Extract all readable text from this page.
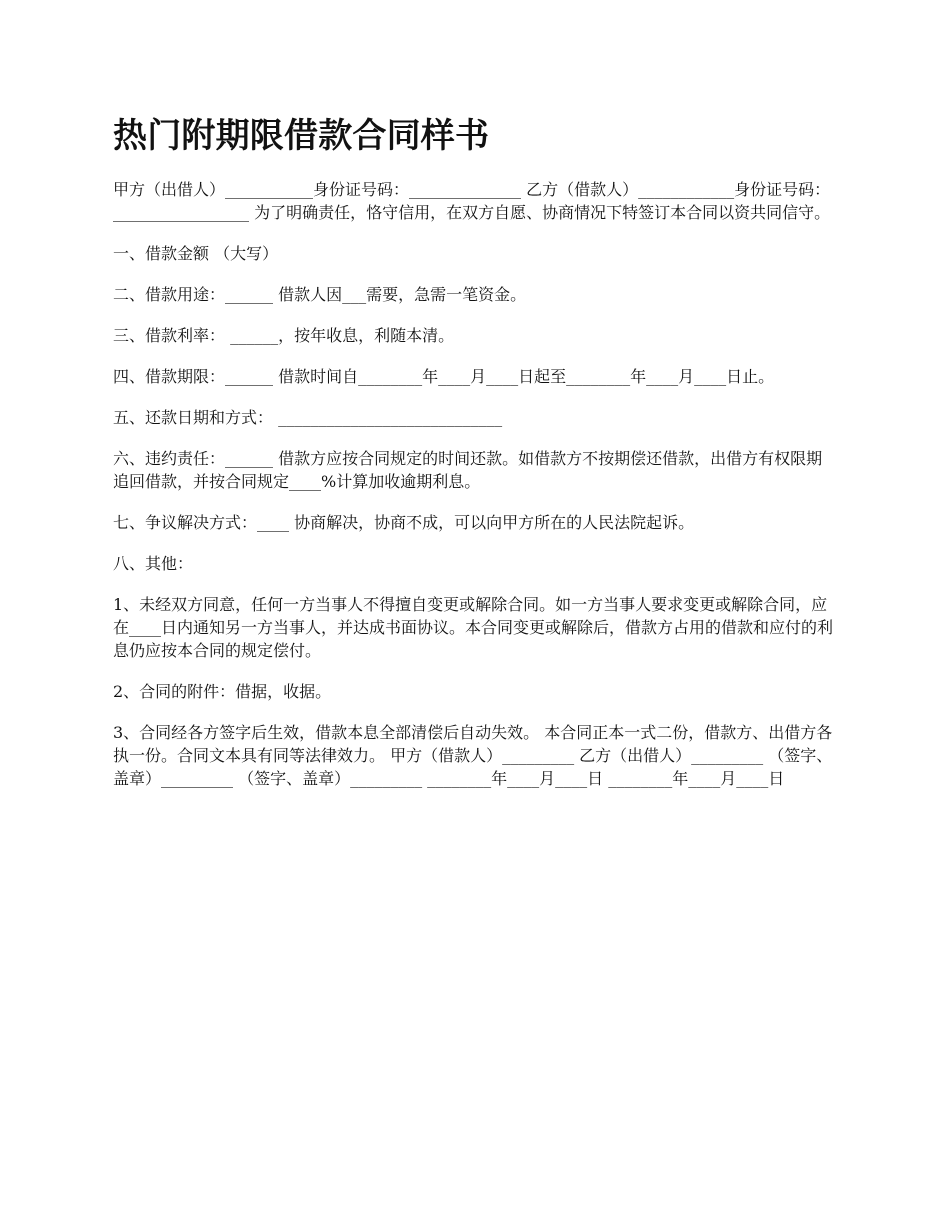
热门附期限借款合同样书

甲方（出借人）___________身份证号码：______________ 乙方（借款人）____________身份证号码：_________________ 为了明确责任，恪守信用，在双方自愿、协商情况下特签订本合同以资共同信守。

一、借款金额 （大写）

二、借款用途：______ 借款人因___需要，急需一笔资金。

三、借款利率： ______，按年收息，利随本清。

四、借款期限：______ 借款时间自________年____月____日起至________年____月____日止。

五、还款日期和方式： ____________________________

六、违约责任：______ 借款方应按合同规定的时间还款。如借款方不按期偿还借款，出借方有权限期追回借款，并按合同规定____%计算加收逾期利息。

七、争议解决方式：____ 协商解决，协商不成，可以向甲方所在的人民法院起诉。

八、其他：

1、未经双方同意，任何一方当事人不得擅自变更或解除合同。如一方当事人要求变更或解除合同，应在____日内通知另一方当事人，并达成书面协议。本合同变更或解除后，借款方占用的借款和应付的利息仍应按本合同的规定偿付。

2、合同的附件：借据，收据。

3、合同经各方签字后生效，借款本息全部清偿后自动失效。 本合同正本一式二份，借款方、出借方各执一份。合同文本具有同等法律效力。 甲方（借款人）_________ 乙方（出借人）_________ （签字、盖章）_________ （签字、盖章）_________ ________年____月____日 ________年____月____日
